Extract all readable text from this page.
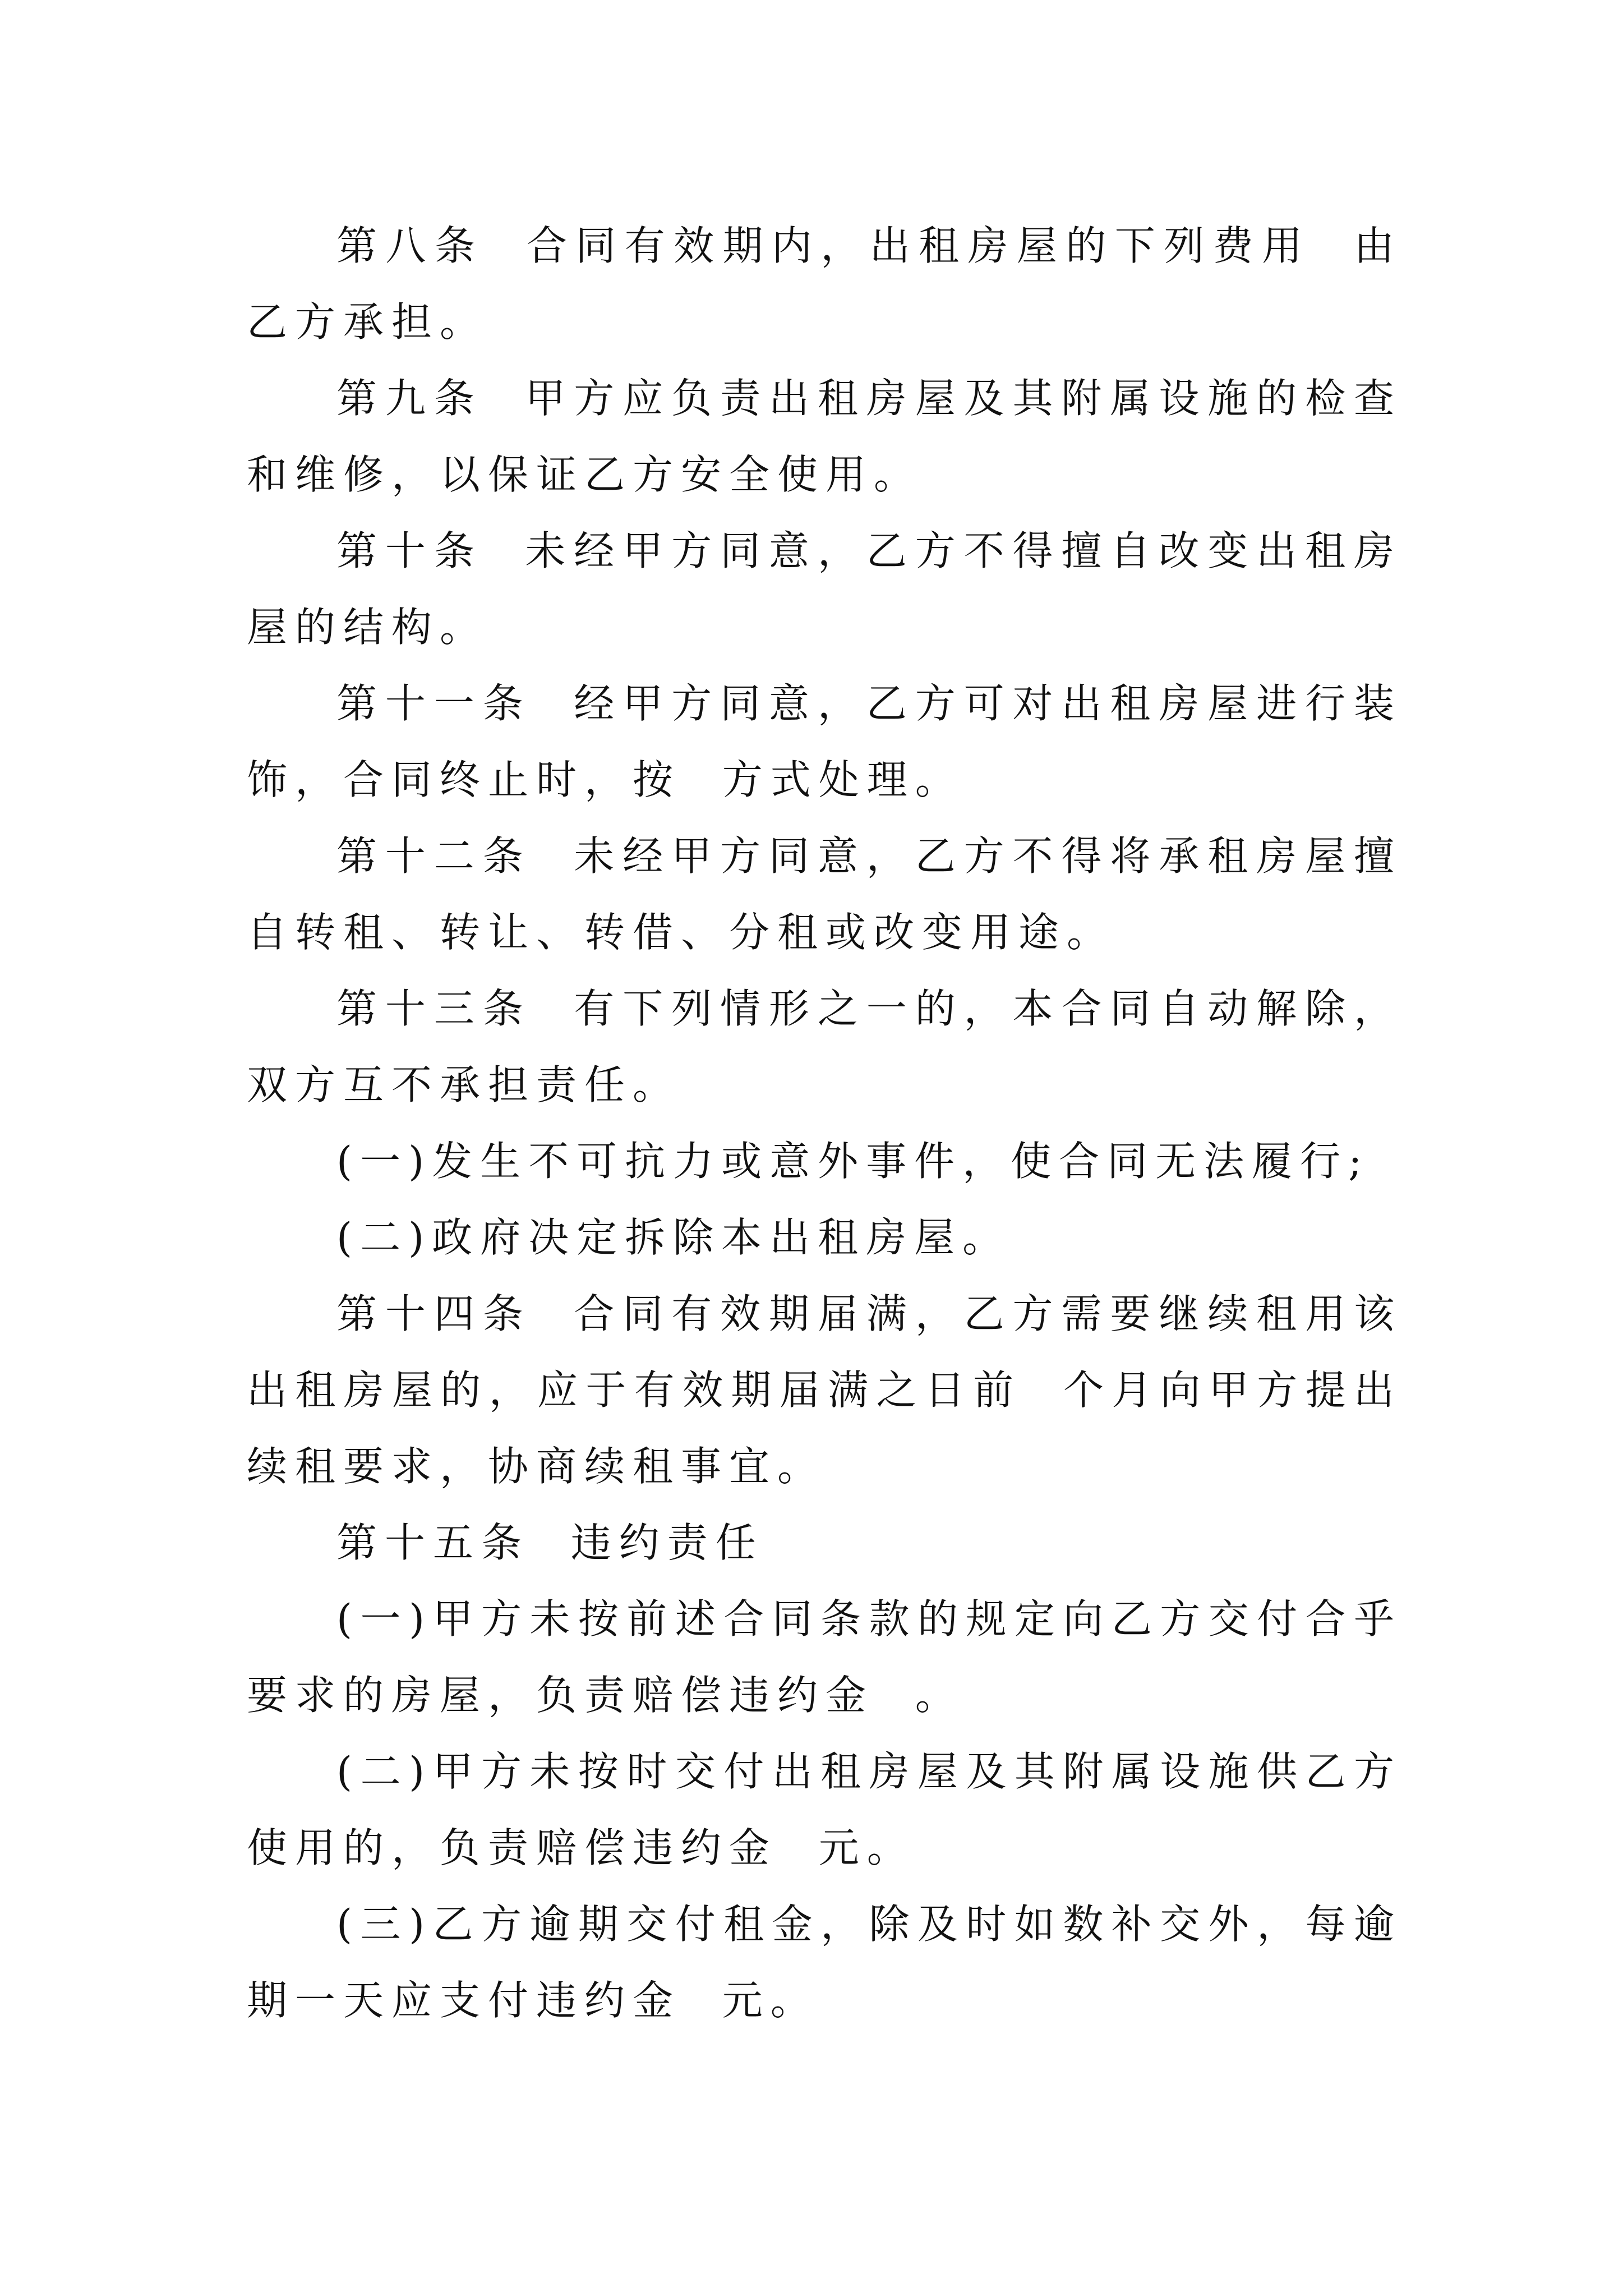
第八条  合同有效期内，出租房屋的下列费用  由乙方承担。

第九条  甲方应负责出租房屋及其附属设施的检查和维修，以保证乙方安全使用。

第十条  未经甲方同意，乙方不得擅自改变出租房屋的结构。

第十一条  经甲方同意，乙方可对出租房屋进行装饰，合同终止时，按  方式处理。

第十二条  未经甲方同意，乙方不得将承租房屋擅自转租、转让、转借、分租或改变用途。

第十三条  有下列情形之一的，本合同自动解除，双方互不承担责任。

(一)发生不可抗力或意外事件，使合同无法履行;

(二)政府决定拆除本出租房屋。

第十四条  合同有效期届满，乙方需要继续租用该出租房屋的，应于有效期届满之日前  个月向甲方提出续租要求，协商续租事宜。

第十五条  违约责任

(一)甲方未按前述合同条款的规定向乙方交付合乎要求的房屋，负责赔偿违约金  。

(二)甲方未按时交付出租房屋及其附属设施供乙方使用的，负责赔偿违约金  元。

(三)乙方逾期交付租金，除及时如数补交外，每逾期一天应支付违约金  元。
